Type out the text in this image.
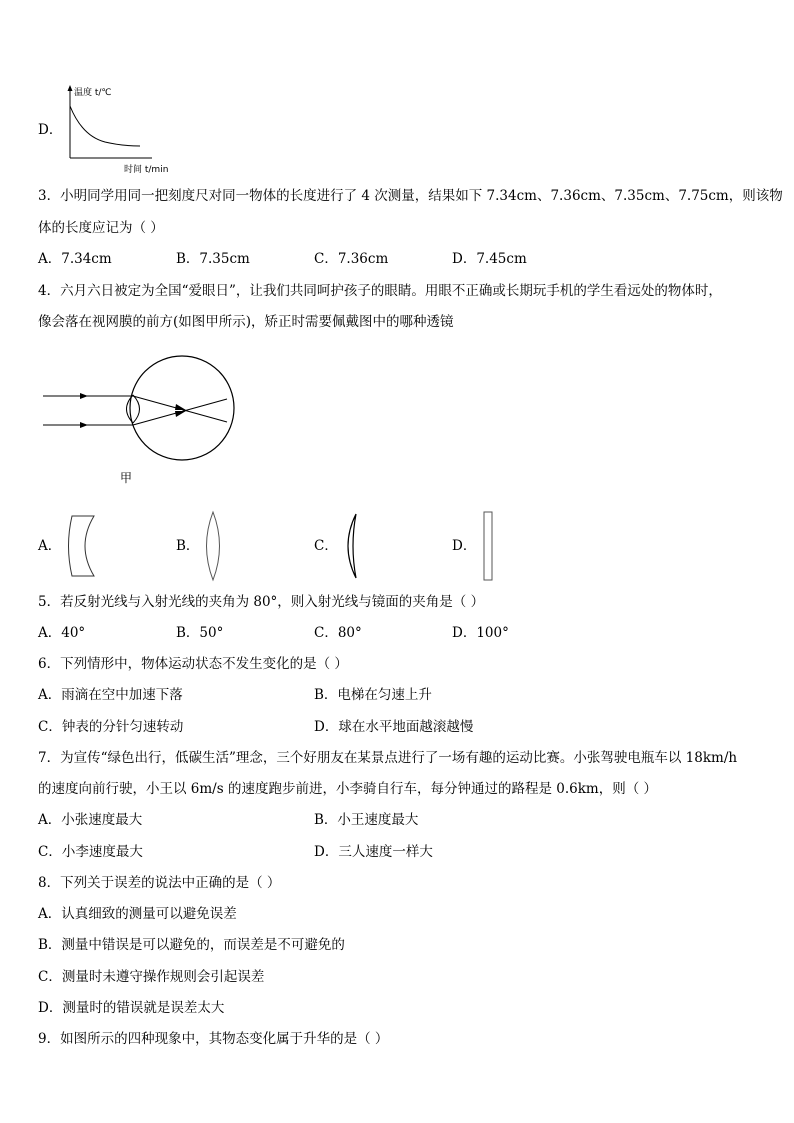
D．
温度 t/℃
时间 t/min
3．小明同学用同一把刻度尺对同一物体的长度进行了 4 次测量，结果如下 7.34cm、7.36cm、7.35cm、7.75cm，则该物
体的长度应记为（ ）
A．7.34cm	B．7.35cm	C．7.36cm	D．7.45cm
4．六月六日被定为全国“爱眼日”，让我们共同呵护孩子的眼睛。用眼不正确或长期玩手机的学生看远处的物体时，
像会落在视网膜的前方(如图甲所示)，矫正时需要佩戴图中的哪种透镜
甲
A．	B．	C．	D．
5．若反射光线与入射光线的夹角为 80°，则入射光线与镜面的夹角是（ ）
A．40°	B．50°	C．80°	D．100°
6．下列情形中，物体运动状态不发生变化的是（ ）
A．雨滴在空中加速下落	B．电梯在匀速上升
C．钟表的分针匀速转动	D．球在水平地面越滚越慢
7．为宣传“绿色出行，低碳生活”理念，三个好朋友在某景点进行了一场有趣的运动比赛。小张驾驶电瓶车以 18km/h
的速度向前行驶，小王以 6m/s 的速度跑步前进，小李骑自行车，每分钟通过的路程是 0.6km，则（ ）
A．小张速度最大	B．小王速度最大
C．小李速度最大	D．三人速度一样大
8．下列关于误差的说法中正确的是（ ）
A．认真细致的测量可以避免误差
B．测量中错误是可以避免的，而误差是不可避免的
C．测量时未遵守操作规则会引起误差
D．测量时的错误就是误差太大
9．如图所示的四种现象中，其物态变化属于升华的是（ ）
